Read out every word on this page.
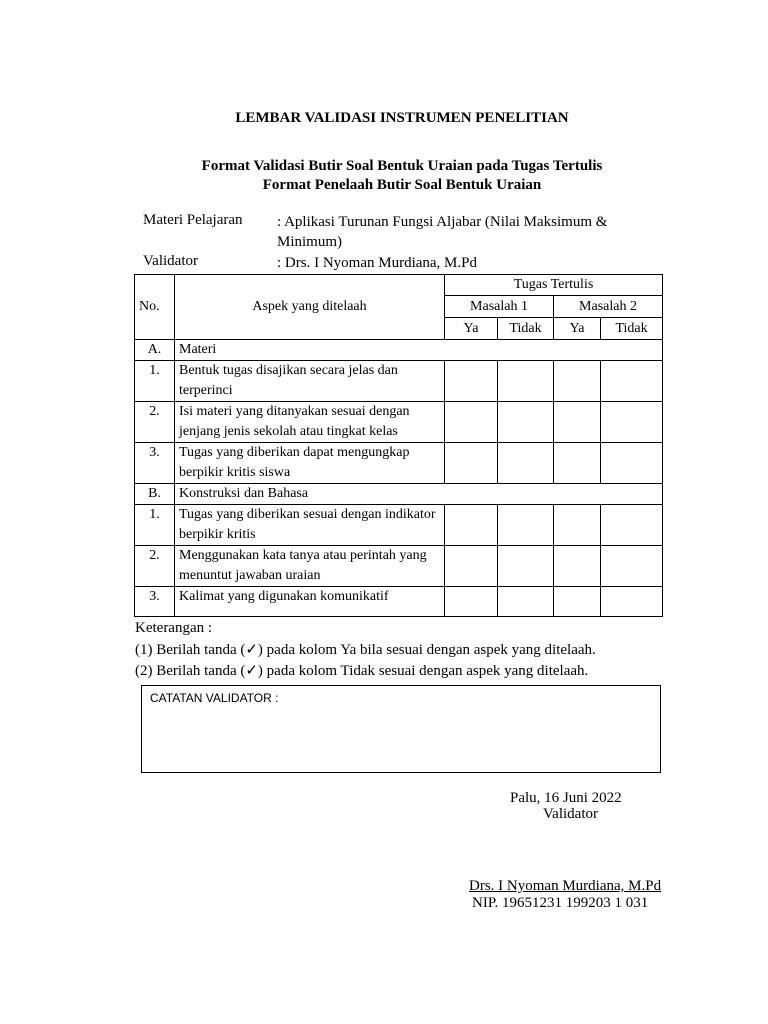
LEMBAR VALIDASI INSTRUMEN PENELITIAN
Format Validasi Butir Soal Bentuk Uraian pada Tugas Tertulis
Format Penelaah Butir Soal Bentuk Uraian
Materi Pelajaran : Aplikasi Turunan Fungsi Aljabar (Nilai Maksimum & Minimum)
Validator	: Drs. I Nyoman Murdiana, M.Pd
No.	Aspek yang ditelaah	Tugas Tertulis			
		Masalah 1		Masalah 2	
		Ya	Tidak	Ya	Tidak
A.	Materi				
1.	Bentuk tugas disajikan secara jelas dan terperinci				
2.	Isi materi yang ditanyakan sesuai dengan jenjang jenis sekolah atau tingkat kelas				
3.	Tugas yang diberikan dapat mengungkap berpikir kritis siswa				
B.	Konstruksi dan Bahasa				
1.	Tugas yang diberikan sesuai dengan indikator berpikir kritis				
2.	Menggunakan kata tanya atau perintah yang menuntut jawaban uraian				
3.	Kalimat yang digunakan komunikatif				
Keterangan :
(1) Berilah tanda (✓) pada kolom Ya bila sesuai dengan aspek yang ditelaah.
(2) Berilah tanda (✓) pada kolom Tidak sesuai dengan aspek yang ditelaah.
CATATAN VALIDATOR :
Palu, 16 Juni 2022
Validator
Drs. I Nyoman Murdiana, M.Pd
NIP. 19651231 199203 1 031
